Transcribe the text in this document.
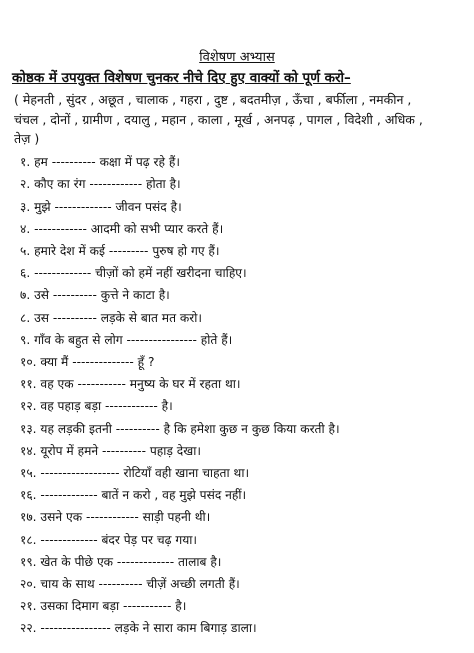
विशेषण अभ्यास
कोष्ठक में उपयुक्त विशेषण चुनकर नीचे दिए हुए वाक्यों को पूर्ण करो–
( मेहनती , सुंदर , अछूत , चालाक , गहरा , दुष्ट , बदतमीज़ , ऊँचा , बर्फीला , नमकीन ,
चंचल , दोनों , ग्रामीण , दयालु , महान , काला , मूर्ख , अनपढ़ , पागल , विदेशी , अधिक ,
तेज़ )
१. हम ---------- कक्षा में पढ़ रहे हैं।
२. कौए का रंग ------------ होता है।
३. मुझे ------------- जीवन पसंद है।
४. ------------ आदमी को सभी प्यार करते हैं।
५. हमारे देश में कई --------- पुरुष हो गए हैं।
६. ------------- चीज़ों को हमें नहीं खरीदना चाहिए।
७. उसे ---------- कुत्ते ने काटा है।
८. उस ---------- लड़के से बात मत करो।
९. गाँव के बहुत से लोग ---------------- होते हैं।
१०. क्या मैं -------------- हूँ ?
११. वह एक ----------- मनुष्य के घर में रहता था।
१२. वह पहाड़ बड़ा ------------ है।
१३. यह लड़की इतनी ---------- है कि हमेशा कुछ न कुछ किया करती है।
१४. यूरोप में हमने ---------- पहाड़ देखा।
१५. ------------------ रोटियाँ वही खाना चाहता था।
१६. ------------- बातें न करो , वह मुझे पसंद नहीं।
१७. उसने एक ------------ साड़ी पहनी थी।
१८. ------------- बंदर पेड़ पर चढ़ गया।
१९. खेत के पीछे एक ------------- तालाब है।
२०. चाय के साथ ---------- चीज़ें अच्छी लगती हैं।
२१. उसका दिमाग बड़ा ----------- है।
२२. ---------------- लड़के ने सारा काम बिगाड़ डाला।
